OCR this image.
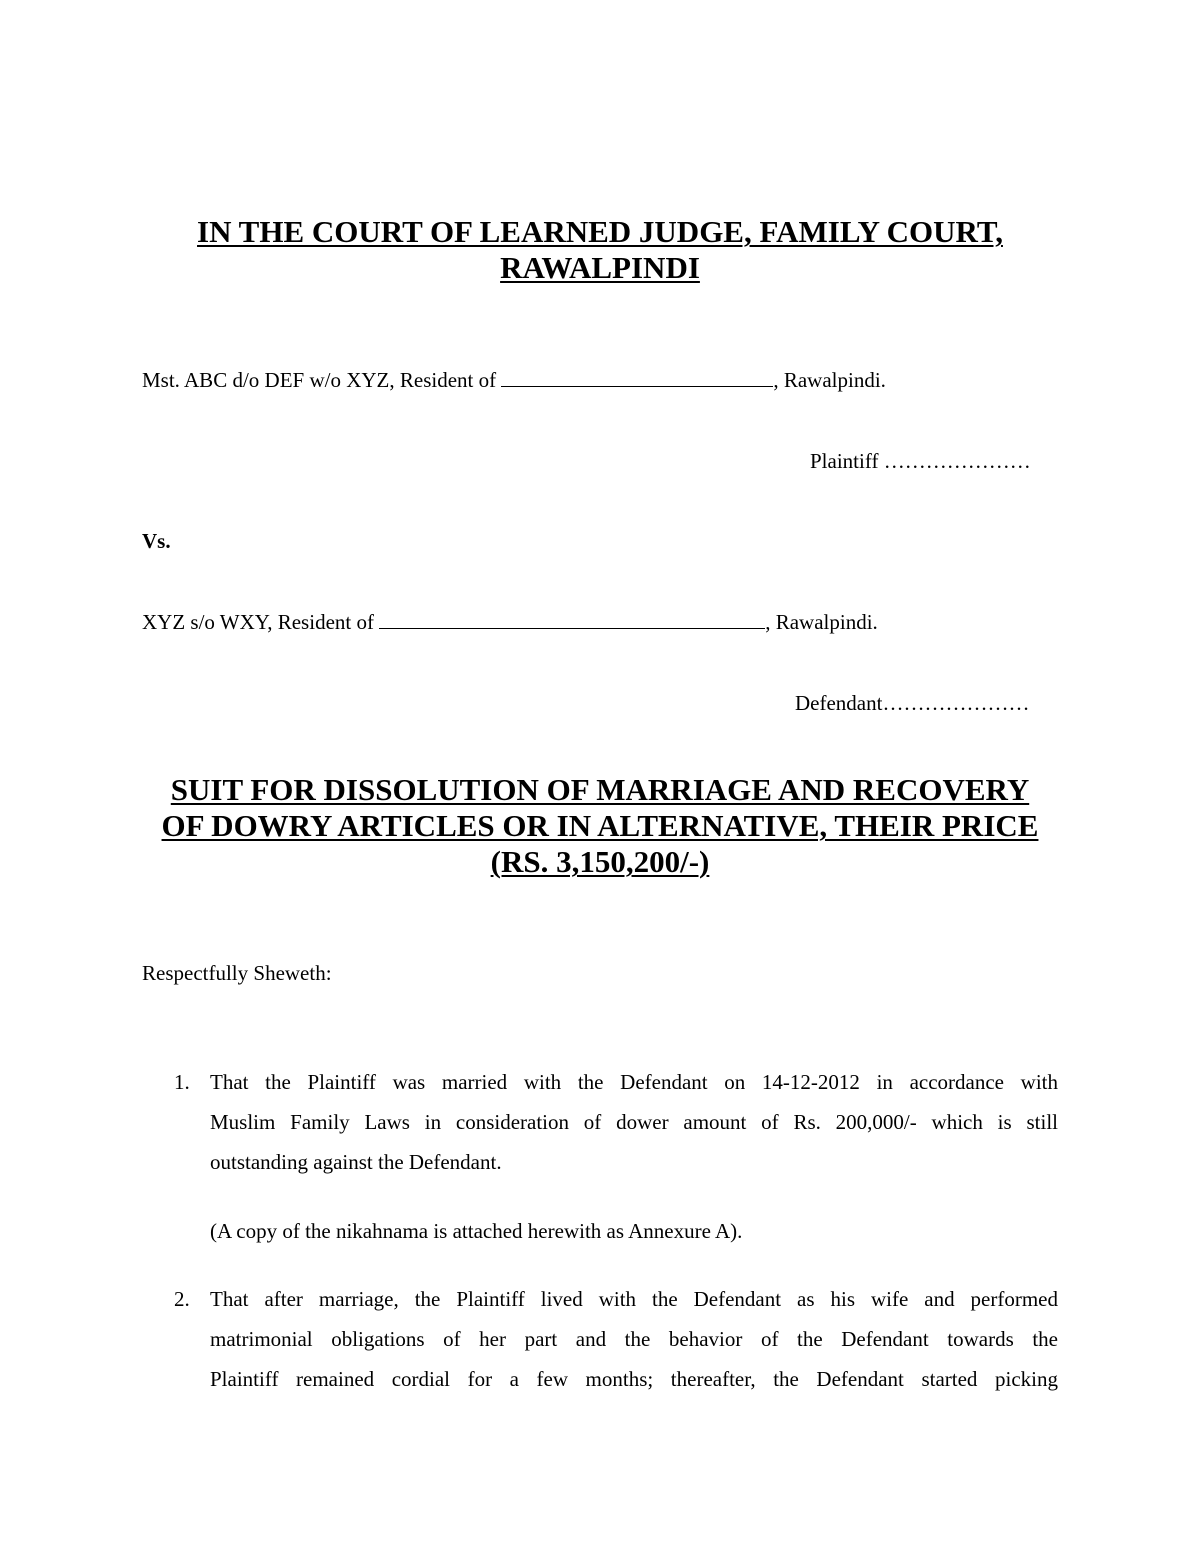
IN THE COURT OF LEARNED JUDGE, FAMILY COURT,
RAWALPINDI
Mst. ABC d/o DEF w/o XYZ, Resident of	, Rawalpindi.
Plaintiff …………………
Vs.
XYZ s/o WXY, Resident of	, Rawalpindi.
Defendant…………………
SUIT FOR DISSOLUTION OF MARRIAGE AND RECOVERY
OF DOWRY ARTICLES OR IN ALTERNATIVE, THEIR PRICE
(RS. 3,150,200/-)
Respectfully Sheweth:
1. That the Plaintiff was married with the Defendant on 14-12-2012 in accordance with
Muslim Family Laws in consideration of dower amount of Rs. 200,000/- which is still
outstanding against the Defendant.
(A copy of the nikahnama is attached herewith as Annexure A).
2. That after marriage, the Plaintiff lived with the Defendant as his wife and performed
matrimonial obligations of her part and the behavior of the Defendant towards the
Plaintiff remained cordial for a few months; thereafter, the Defendant started picking
